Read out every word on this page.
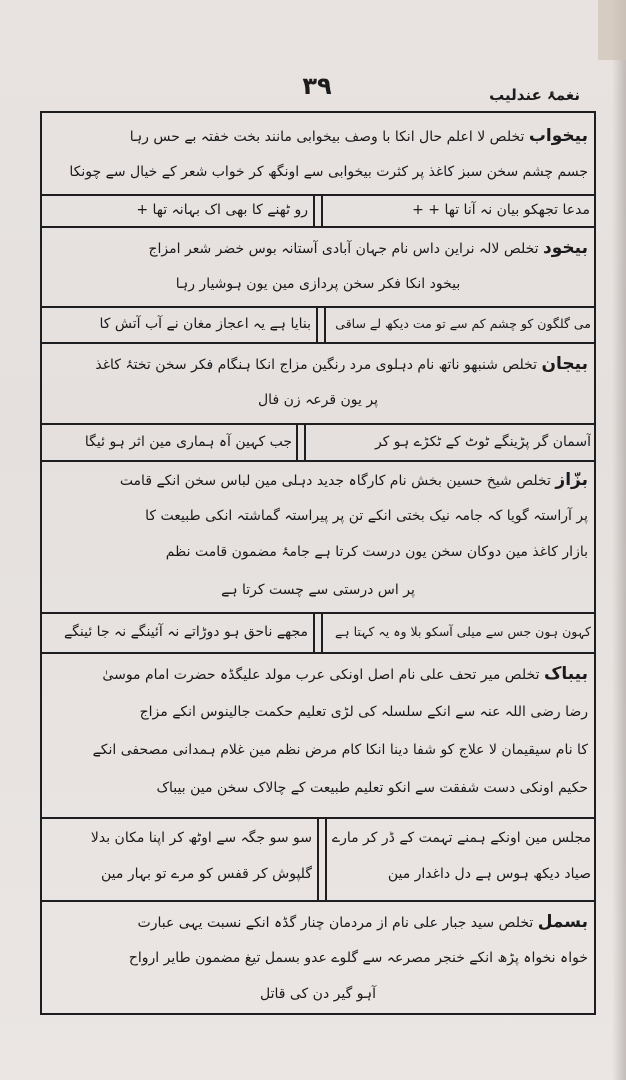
۳۹	نغمۂ عندلیب
بیخواب تخلص لا اعلم حال انکا با وصف بیخوابی مانند بخت خفتہ بے حس رہا
جسم چشم سخن سبز کاغذ پر کثرت بیخوابی سے اونگھ کر خواب شعر کے خیال سے چونکا
مدعا تجھکو بیان نہ آنا تھا + +
رو ٹھنے کا بھی اک بہانہ تھا +
بیخود تخلص لالہ نراین داس نام جہان آبادی آستانہ بوس خضر شعر امزاج
بیخود انکا فکر سخن پردازی مین یون ہوشیار رہا
می گلگون کو چشم کم سے تو مت دیکھ لے ساقی
بنایا ہے یہ اعجاز مغان نے آب آتش کا
بیجان تخلص شنبھو ناتھ نام دہلوی مرد رنگین مزاج انکا ہنگام فکر سخن تختۂ کاغذ
پر یون قرعہ زن فال
آسمان گر پڑینگے ٹوٹ کے ٹکڑے ہو کر
جب کہین آہ ہماری مین اثر ہو ئیگا
بزّاز تخلص شیخ حسین بخش نام کارگاہ جدید دہلی مین لباس سخن انکے قامت
پر آراستہ گویا کہ جامہ نیک بختی انکے تن پر پیراستہ گماشتہ انکی طبیعت کا
بازار کاغذ مین دوکان سخن یون درست کرتا ہے جامۂ مضمون قامت نظم
پر اس درستی سے چست کرتا ہے
کہون ہون جس سے میلی آسکو بلا وہ یہ کہتا ہے
مجھے ناحق ہو دوڑاتے نہ آئینگے نہ جا ئینگے
بیباک تخلص میر تحف علی نام اصل اونکی عرب مولد علیگڈہ حضرت امام موسیٰ
رضا رضی اللہ عنہ سے انکے سلسلہ کی لڑی تعلیم حکمت جالینوس انکے مزاج
کا نام سیقیمان لا علاج کو شفا دینا انکا کام مرض نظم مین غلام ہمدانی مصحفی انکے
حکیم اونکی دست شفقت سے انکو تعلیم طبیعت کے چالاک سخن مین بیباک
مجلس مین اونکے ہمنے تہمت کے ڈر کر مارے
صیاد دیکھ ہوس ہے دل داغدار مین
سو سو جگہ سے اوٹھ کر اپنا مکان بدلا
گلپوش کر قفس کو مرے تو بہار مین
بسمل تخلص سید جبار علی نام از مردمان چنار گڈہ انکے نسبت یہی عبارت
خواہ نخواہ پڑھ انکے خنجر مصرعہ سے گلوے عدو بسمل تیغ مضمون طایر ارواح
آہو گیر دن کی قاتل
